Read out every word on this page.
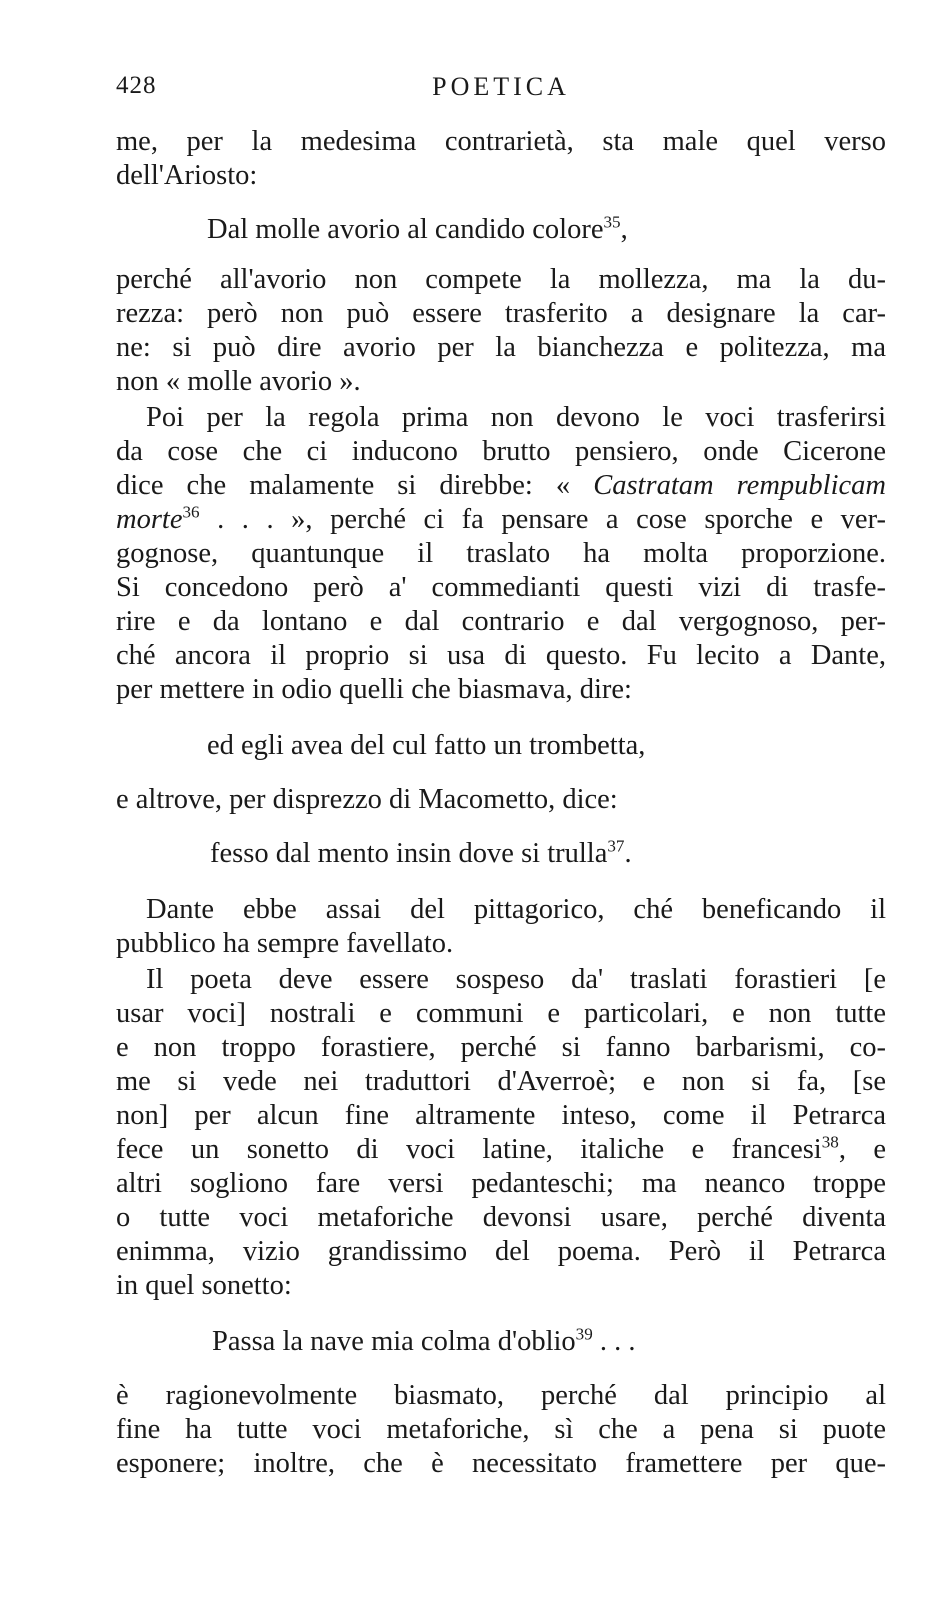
428	POETICA
me, per la medesima contrarietà, sta male quel verso
dell'Ariosto:
Dal molle avorio al candido colore$^{35}$,
perché all'avorio non compete la mollezza, ma la du-
rezza: però non può essere trasferito a designare la car-
ne: si può dire avorio per la bianchezza e politezza, ma
non « molle avorio ».
Poi per la regola prima non devono le voci trasferirsi
da cose che ci inducono brutto pensiero, onde Cicerone
dice che malamente si direbbe: « Castratam rempublicam
morte$^{36}$ . . . », perché ci fa pensare a cose sporche e ver-
gognose, quantunque il traslato ha molta proporzione.
Si concedono però a' commedianti questi vizi di trasfe-
rire e da lontano e dal contrario e dal vergognoso, per-
ché ancora il proprio si usa di questo. Fu lecito a Dante,
per mettere in odio quelli che biasmava, dire:
ed egli avea del cul fatto un trombetta,
e altrove, per disprezzo di Macometto, dice:
fesso dal mento insin dove si trulla$^{37}$.
Dante ebbe assai del pittagorico, ché beneficando il
pubblico ha sempre favellato.
Il poeta deve essere sospeso da' traslati forastieri [e
usar voci] nostrali e communi e particolari, e non tutte
e non troppo forastiere, perché si fanno barbarismi, co-
me si vede nei traduttori d'Averroè; e non si fa, [se
non] per alcun fine altramente inteso, come il Petrarca
fece un sonetto di voci latine, italiche e francesi$^{38}$, e
altri sogliono fare versi pedanteschi; ma neanco troppe
o tutte voci metaforiche devonsi usare, perché diventa
enimma, vizio grandissimo del poema. Però il Petrarca
in quel sonetto:
Passa la nave mia colma d'oblio$^{39}$ . . .
è ragionevolmente biasmato, perché dal principio al
fine ha tutte voci metaforiche, sì che a pena si puote
esponere; inoltre, che è necessitato framettere per que-
